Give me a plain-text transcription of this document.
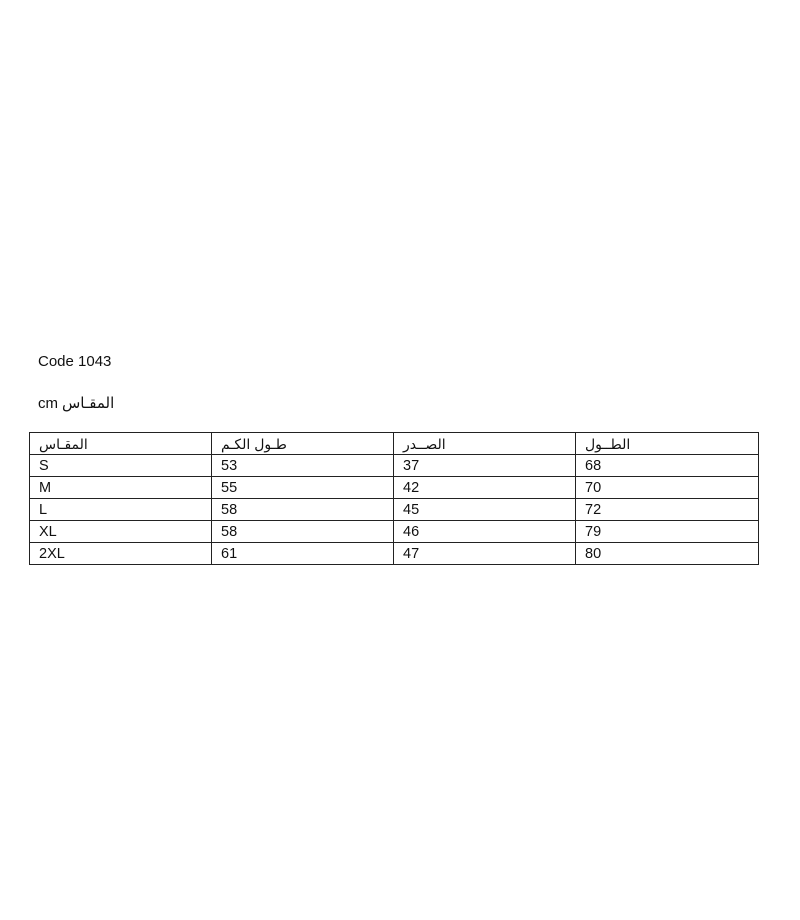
Code 1043
cm المقـاس
المقـاس	طـول الكـم	الصــدر	الطــول
S	53	37	68
M	55	42	70
L	58	45	72
XL	58	46	79
2XL	61	47	80
